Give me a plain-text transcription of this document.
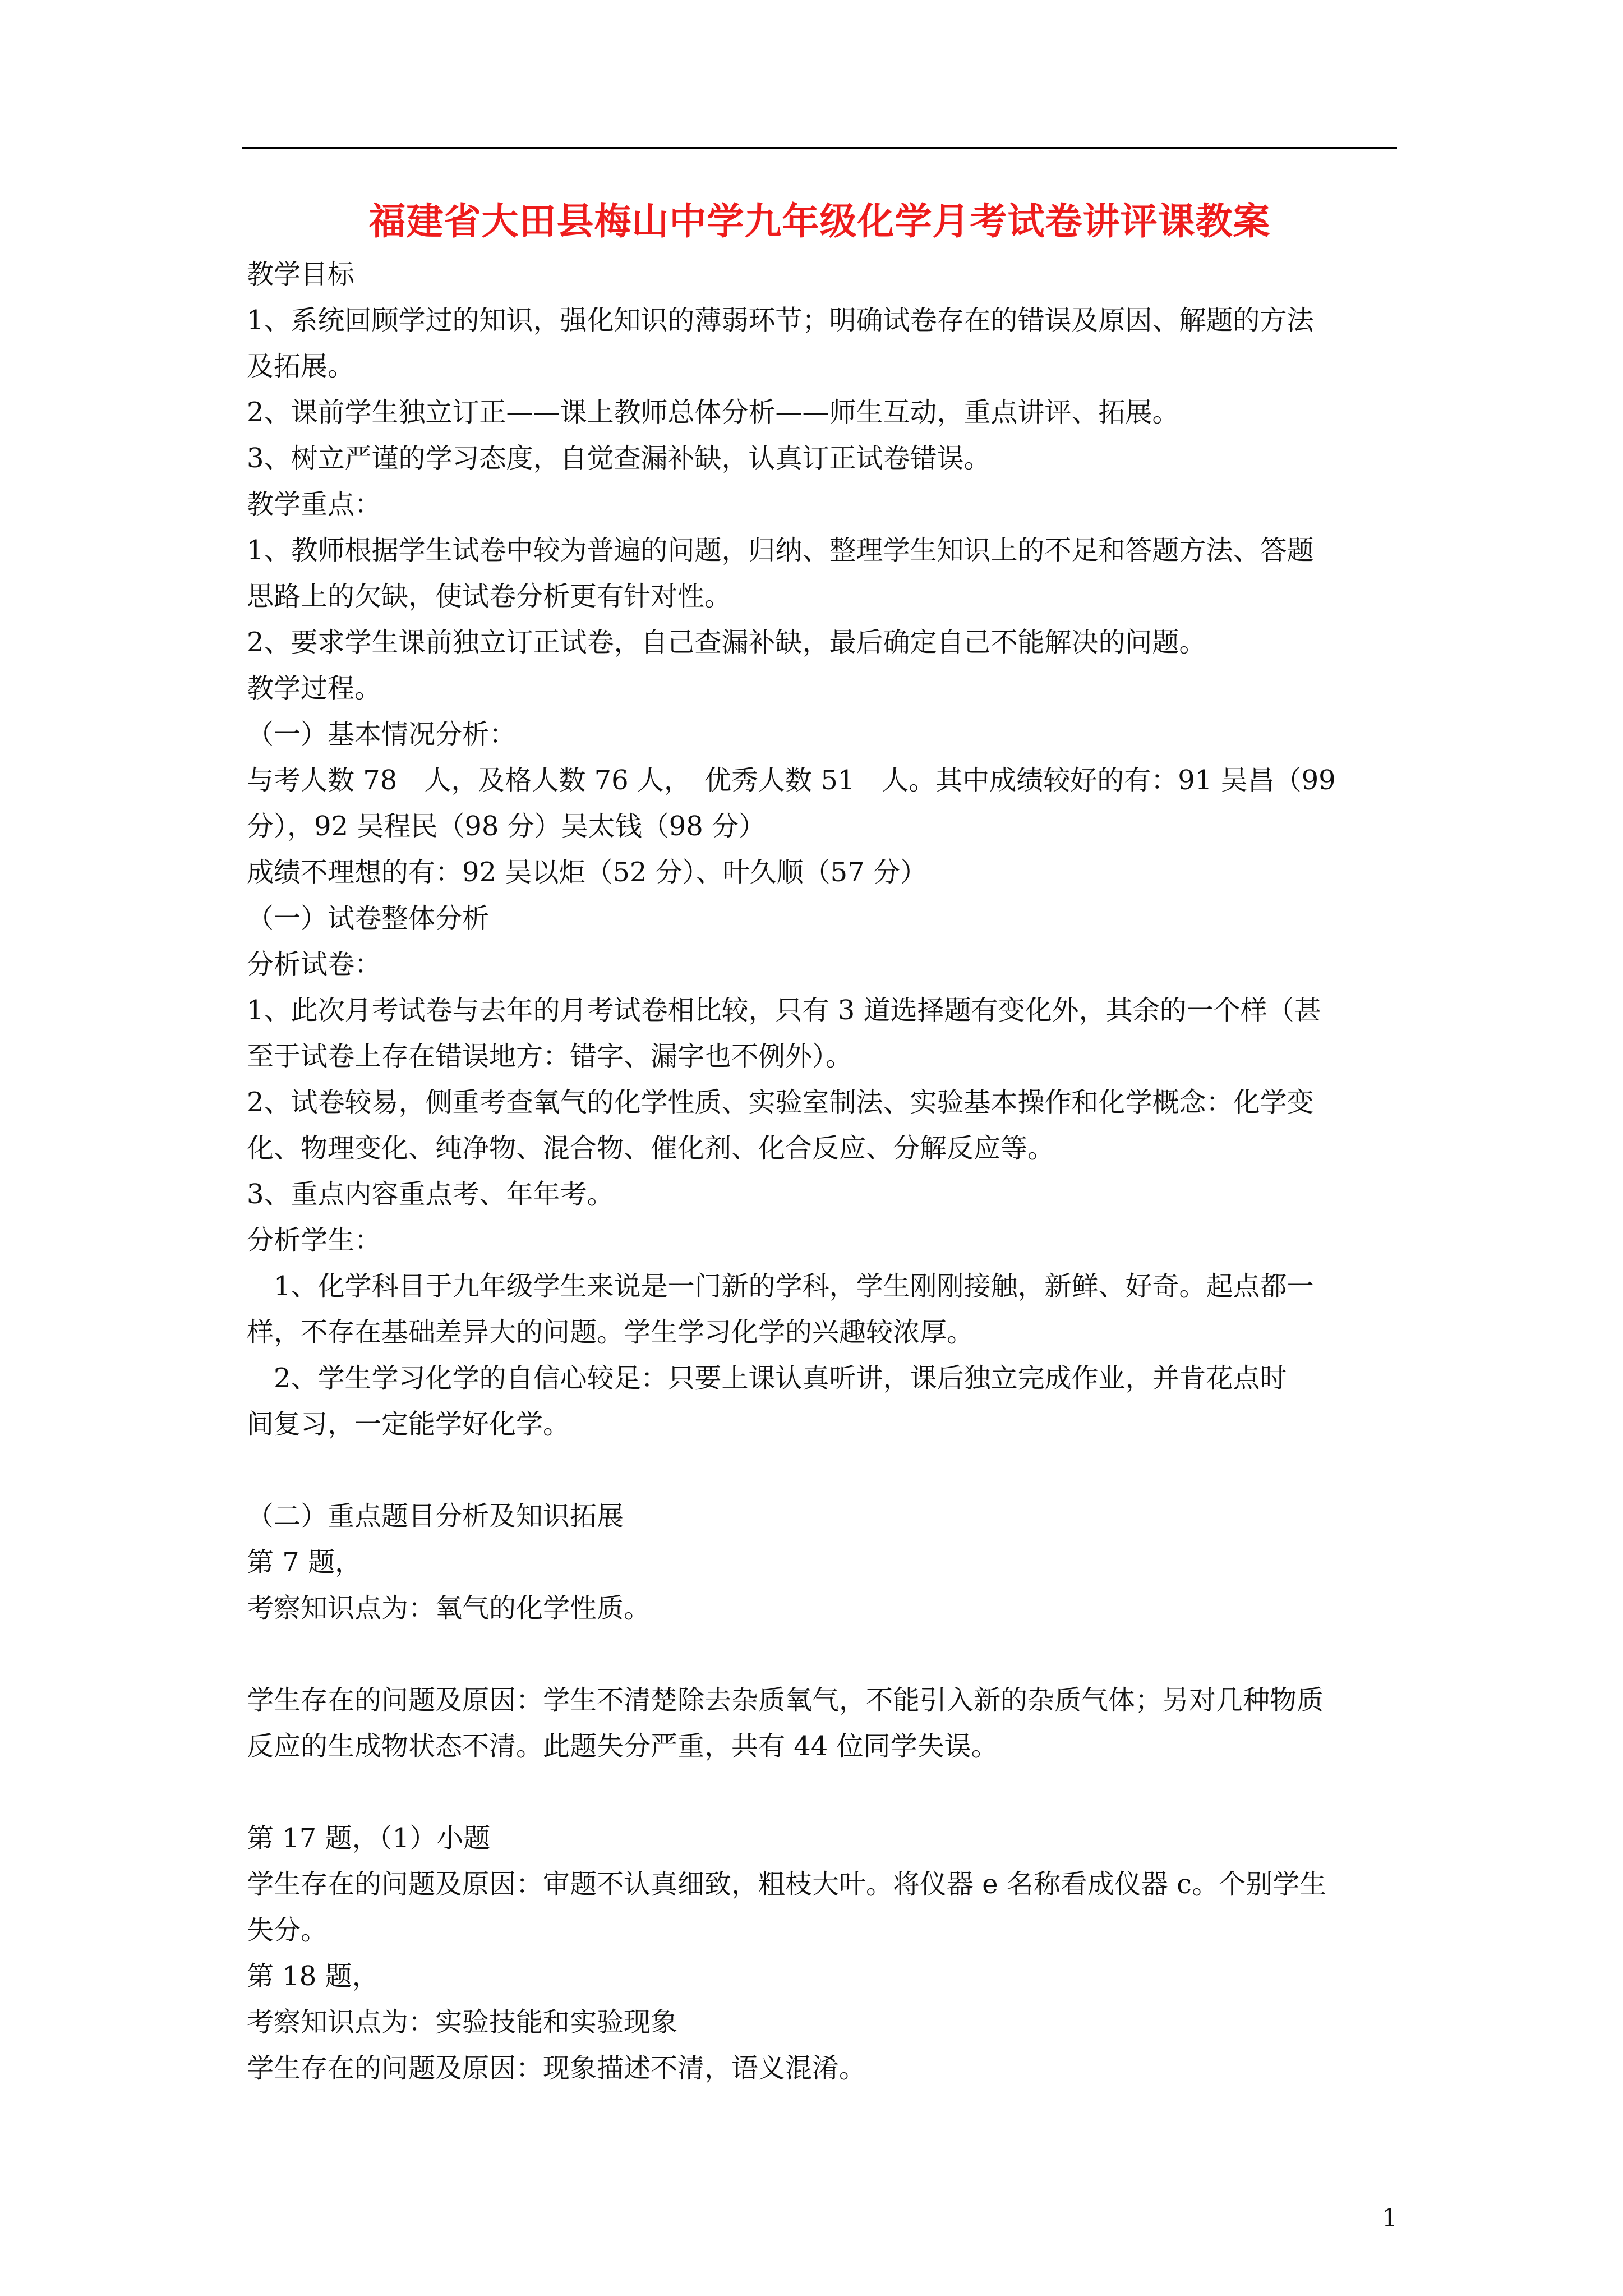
福建省大田县梅山中学九年级化学月考试卷讲评课教案
教学目标
1、系统回顾学过的知识，强化知识的薄弱环节；明确试卷存在的错误及原因、解题的方法
及拓展。
2、课前学生独立订正——课上教师总体分析——师生互动，重点讲评、拓展。
3、树立严谨的学习态度，自觉查漏补缺，认真订正试卷错误。
教学重点：
1、教师根据学生试卷中较为普遍的问题，归纳、整理学生知识上的不足和答题方法、答题
思路上的欠缺，使试卷分析更有针对性。
2、要求学生课前独立订正试卷，自己查漏补缺，最后确定自己不能解决的问题。
教学过程。
（一）基本情况分析：
与考人数 78　人，及格人数 76 人，　优秀人数 51　人。其中成绩较好的有：91 吴昌（99
分），92 吴程民（98 分）吴太钱（98 分）
成绩不理想的有：92 吴以炬（52 分）、叶久顺（57 分）
（一）试卷整体分析
分析试卷：
1、此次月考试卷与去年的月考试卷相比较，只有 3 道选择题有变化外，其余的一个样（甚
至于试卷上存在错误地方：错字、漏字也不例外）。
2、试卷较易，侧重考查氧气的化学性质、实验室制法、实验基本操作和化学概念：化学变
化、物理变化、纯净物、混合物、催化剂、化合反应、分解反应等。
3、重点内容重点考、年年考。
分析学生：
　1、化学科目于九年级学生来说是一门新的学科，学生刚刚接触，新鲜、好奇。起点都一
样，不存在基础差异大的问题。学生学习化学的兴趣较浓厚。
　2、学生学习化学的自信心较足：只要上课认真听讲，课后独立完成作业，并肯花点时
间复习，一定能学好化学。
（二）重点题目分析及知识拓展
第 7 题，
考察知识点为：氧气的化学性质。
学生存在的问题及原因：学生不清楚除去杂质氧气，不能引入新的杂质气体；另对几种物质
反应的生成物状态不清。此题失分严重，共有 44 位同学失误。
第 17 题，（1）小题
学生存在的问题及原因：审题不认真细致，粗枝大叶。将仪器 e 名称看成仪器 c。个别学生
失分。
第 18 题，
考察知识点为：实验技能和实验现象
学生存在的问题及原因：现象描述不清，语义混淆。
1
